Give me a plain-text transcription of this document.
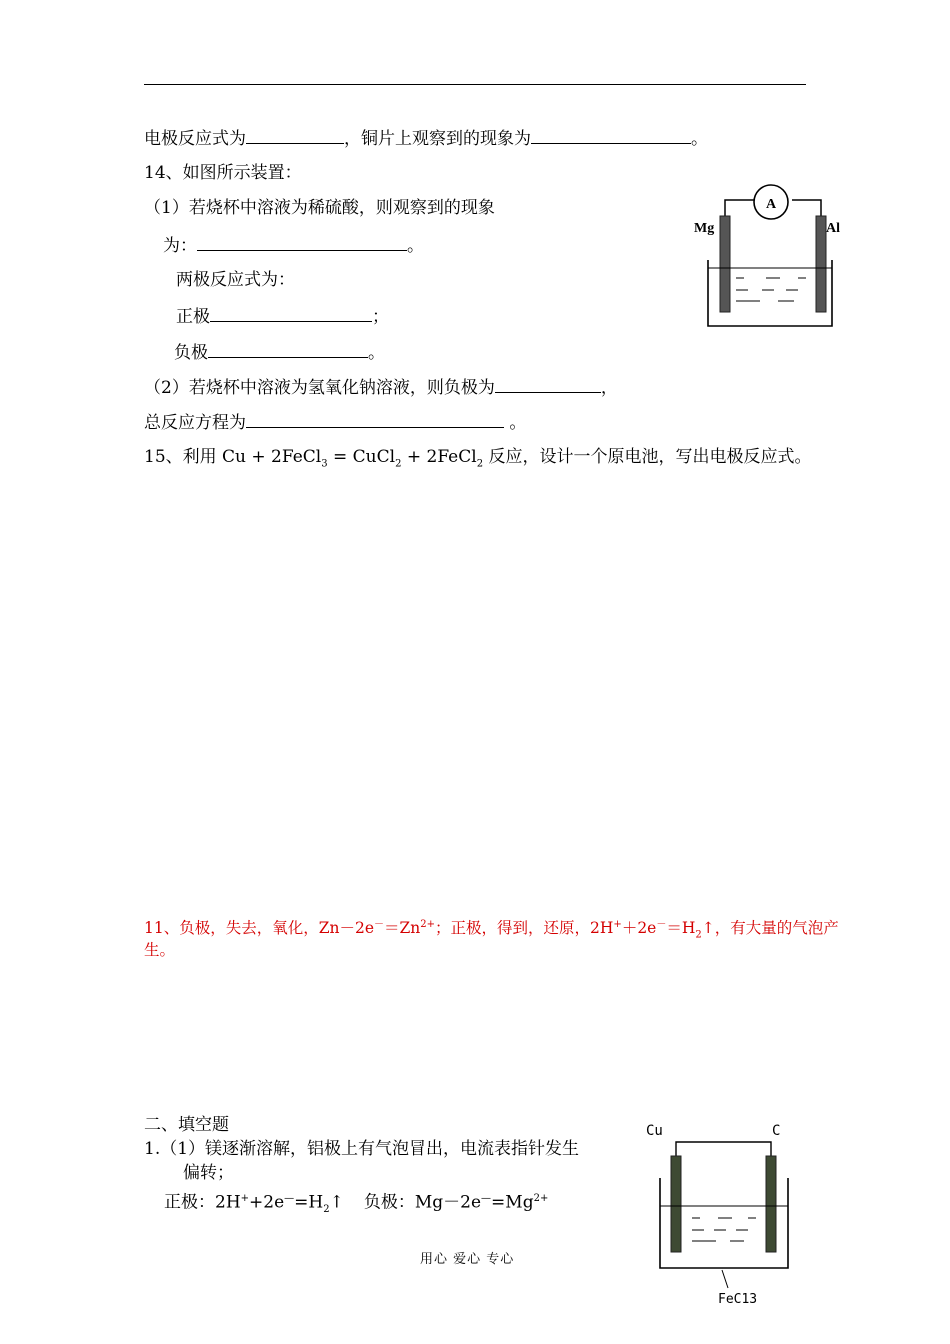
电极反应式为	，铜片上观察到的现象为	。
14、如图所示装置：
（1）若烧杯中溶液为稀硫酸，则观察到的现象
为：	。
两极反应式为：
正极	；
负极	。
（2）若烧杯中溶液为氢氧化钠溶液，则负极为	，
总反应方程为	。
A
Mg	Al
15、利用 Cu + 2FeCl$_3$ = CuCl$_2$ + 2FeCl$_2$ 反应，设计一个原电池，写出电极反应式。
11、负极，失去，氧化，$Zn-2e^-=Zn^{2+}$；正极，得到，还原，$2H^++2e^-=H_2↑$，有大量的气泡产
生。
二、填空题
1.（1）镁逐渐溶解，铝极上有气泡冒出，电流表指针发生
偏转；
正极：$2H^++2e^—=H_2↑$ 负极：$Mg-2e^—=Mg^{2+}$
Cu	C
FeC13
用心 爱心 专心
